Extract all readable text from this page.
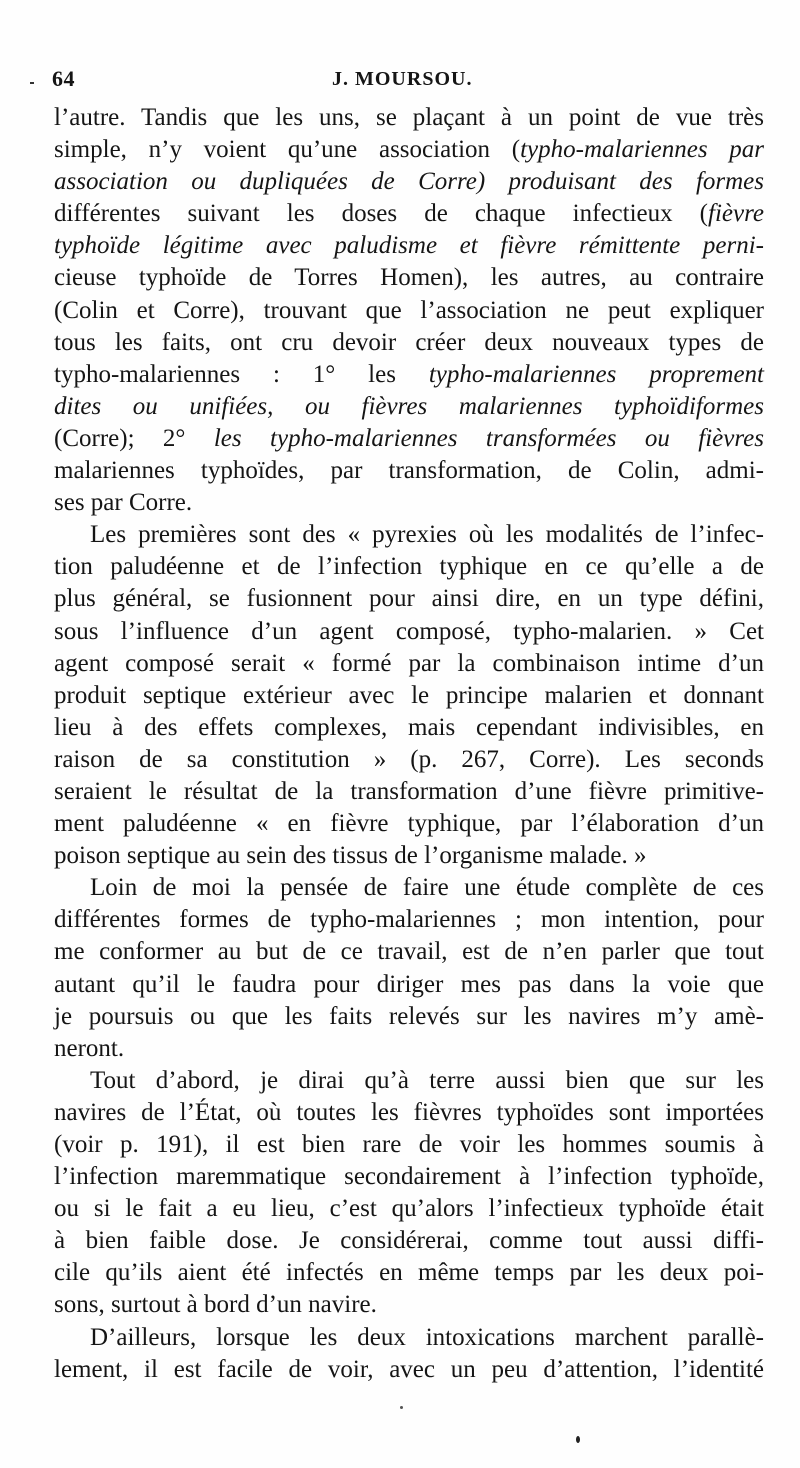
64	J. MOURSOU.
l’autre. Tandis que les uns, se plaçant à un point de vue très
simple, n’y voient qu’une association (typho-malariennes par
association ou dupliquées de Corre) produisant des formes
différentes suivant les doses de chaque infectieux (fièvre
typhoïde légitime avec paludisme et fièvre rémittente perni-
cieuse typhoïde de Torres Homen), les autres, au contraire
(Colin et Corre), trouvant que l’association ne peut expliquer
tous les faits, ont cru devoir créer deux nouveaux types de
typho-malariennes : 1° les typho-malariennes proprement
dites ou unifiées, ou fièvres malariennes typhoïdiformes
(Corre); 2° les typho-malariennes transformées ou fièvres
malariennes typhoïdes, par transformation, de Colin, admi-
ses par Corre.
Les premières sont des « pyrexies où les modalités de l’infec-
tion paludéenne et de l’infection typhique en ce qu’elle a de
plus général, se fusionnent pour ainsi dire, en un type défini,
sous l’influence d’un agent composé, typho-malarien. » Cet
agent composé serait « formé par la combinaison intime d’un
produit septique extérieur avec le principe malarien et donnant
lieu à des effets complexes, mais cependant indivisibles, en
raison de sa constitution » (p. 267, Corre). Les seconds
seraient le résultat de la transformation d’une fièvre primitive-
ment paludéenne « en fièvre typhique, par l’élaboration d’un
poison septique au sein des tissus de l’organisme malade. »
Loin de moi la pensée de faire une étude complète de ces
différentes formes de typho-malariennes ; mon intention, pour
me conformer au but de ce travail, est de n’en parler que tout
autant qu’il le faudra pour diriger mes pas dans la voie que
je poursuis ou que les faits relevés sur les navires m’y amè-
neront.
Tout d’abord, je dirai qu’à terre aussi bien que sur les
navires de l’État, où toutes les fièvres typhoïdes sont importées
(voir p. 191), il est bien rare de voir les hommes soumis à
l’infection maremmatique secondairement à l’infection typhoïde,
ou si le fait a eu lieu, c’est qu’alors l’infectieux typhoïde était
à bien faible dose. Je considérerai, comme tout aussi diffi-
cile qu’ils aient été infectés en même temps par les deux poi-
sons, surtout à bord d’un navire.
D’ailleurs, lorsque les deux intoxications marchent parallè-
lement, il est facile de voir, avec un peu d’attention, l’identité
